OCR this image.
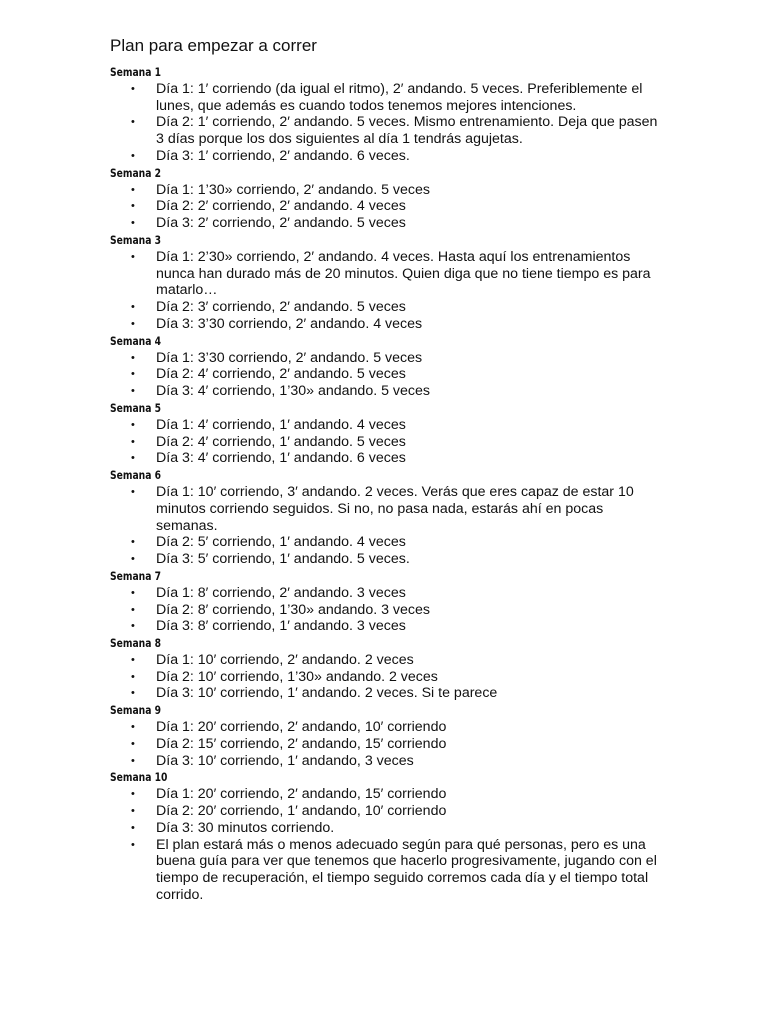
Plan para empezar a correr
Semana 1
• Día 1: 1′ corriendo (da igual el ritmo), 2′ andando. 5 veces. Preferiblemente el lunes, que además es cuando todos tenemos mejores intenciones.
• Día 2: 1′ corriendo, 2′ andando. 5 veces. Mismo entrenamiento. Deja que pasen 3 días porque los dos siguientes al día 1 tendrás agujetas.
• Día 3: 1′ corriendo, 2′ andando. 6 veces.
Semana 2
• Día 1: 1’30» corriendo, 2′ andando. 5 veces
• Día 2: 2′ corriendo, 2′ andando. 4 veces
• Día 3: 2′ corriendo, 2′ andando. 5 veces
Semana 3
• Día 1: 2’30» corriendo, 2′ andando. 4 veces. Hasta aquí los entrenamientos nunca han durado más de 20 minutos. Quien diga que no tiene tiempo es para matarlo…
• Día 2: 3′ corriendo, 2′ andando. 5 veces
• Día 3: 3’30 corriendo, 2′ andando. 4 veces
Semana 4
• Día 1: 3’30 corriendo, 2′ andando. 5 veces
• Día 2: 4′ corriendo, 2′ andando. 5 veces
• Día 3: 4′ corriendo, 1’30» andando. 5 veces
Semana 5
• Día 1: 4′ corriendo, 1′ andando. 4 veces
• Día 2: 4′ corriendo, 1′ andando. 5 veces
• Día 3: 4′ corriendo, 1′ andando. 6 veces
Semana 6
• Día 1: 10′ corriendo, 3′ andando. 2 veces. Verás que eres capaz de estar 10 minutos corriendo seguidos. Si no, no pasa nada, estarás ahí en pocas semanas.
• Día 2: 5′ corriendo, 1′ andando. 4 veces
• Día 3: 5′ corriendo, 1′ andando. 5 veces.
Semana 7
• Día 1: 8′ corriendo, 2′ andando. 3 veces
• Día 2: 8′ corriendo, 1’30» andando. 3 veces
• Día 3: 8′ corriendo, 1′ andando. 3 veces
Semana 8
• Día 1: 10′ corriendo, 2′ andando. 2 veces
• Día 2: 10′ corriendo, 1’30» andando. 2 veces
• Día 3: 10′ corriendo, 1′ andando. 2 veces. Si te parece
Semana 9
• Día 1: 20′ corriendo, 2′ andando, 10′ corriendo
• Día 2: 15′ corriendo, 2′ andando, 15′ corriendo
• Día 3: 10′ corriendo, 1′ andando, 3 veces
Semana 10
• Día 1: 20′ corriendo, 2′ andando, 15′ corriendo
• Día 2: 20′ corriendo, 1′ andando, 10′ corriendo
• Día 3: 30 minutos corriendo.
• El plan estará más o menos adecuado según para qué personas, pero es una buena guía para ver que tenemos que hacerlo progresivamente, jugando con el tiempo de recuperación, el tiempo seguido corremos cada día y el tiempo total corrido.
